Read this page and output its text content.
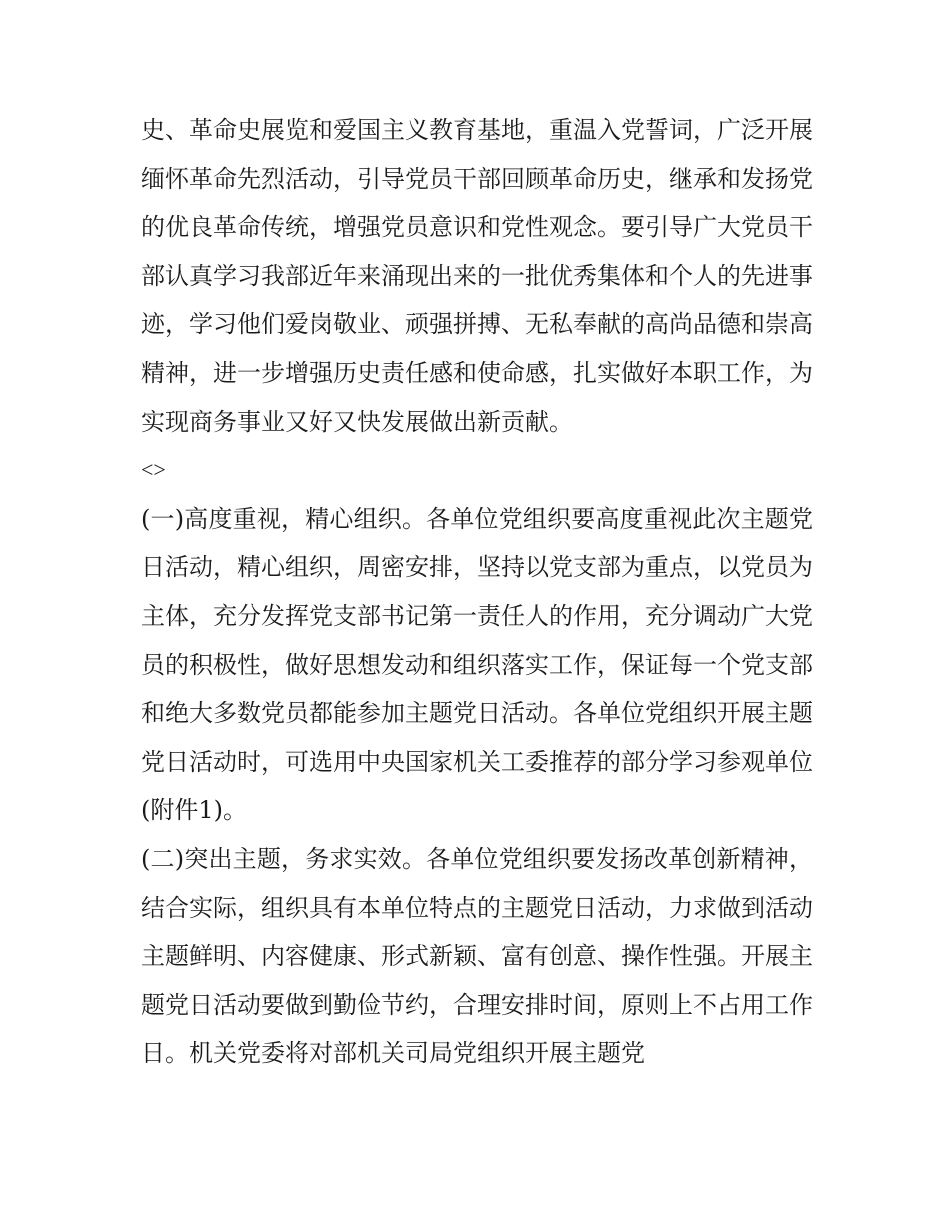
史、革命史展览和爱国主义教育基地，重温入党誓词，广泛开展缅怀革命先烈活动，引导党员干部回顾革命历史，继承和发扬党的优良革命传统，增强党员意识和党性观念。要引导广大党员干部认真学习我部近年来涌现出来的一批优秀集体和个人的先进事迹，学习他们爱岗敬业、顽强拼搏、无私奉献的高尚品德和崇高精神，进一步增强历史责任感和使命感，扎实做好本职工作，为实现商务事业又好又快发展做出新贡献。

<>

(一)高度重视，精心组织。各单位党组织要高度重视此次主题党日活动，精心组织，周密安排，坚持以党支部为重点，以党员为主体，充分发挥党支部书记第一责任人的作用，充分调动广大党员的积极性，做好思想发动和组织落实工作，保证每一个党支部和绝大多数党员都能参加主题党日活动。各单位党组织开展主题党日活动时，可选用中央国家机关工委推荐的部分学习参观单位(附件1)。

(二)突出主题，务求实效。各单位党组织要发扬改革创新精神，结合实际，组织具有本单位特点的主题党日活动，力求做到活动主题鲜明、内容健康、形式新颖、富有创意、操作性强。开展主题党日活动要做到勤俭节约，合理安排时间，原则上不占用工作日。机关党委将对部机关司局党组织开展主题党
